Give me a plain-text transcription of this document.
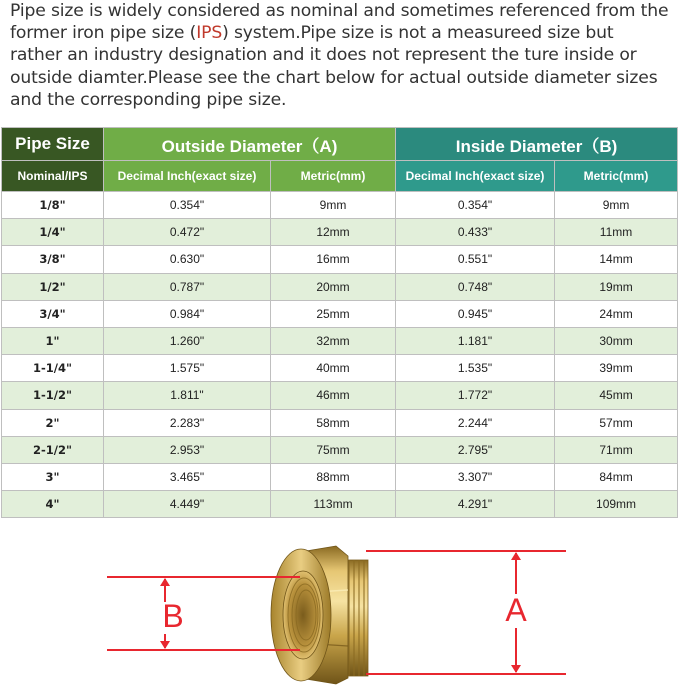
Pipe size is widely considered as nominal and sometimes referenced from the former iron pipe size (IPS) system.Pipe size is not a measureed size but rather an industry designation and it does not represent the ture inside or outside diamter.Please see the chart below for actual outside diameter sizes and the corresponding pipe size.
Pipe Size	Outside Diameter（A)		Inside Diameter（B)	
Nominal/IPS	Decimal Inch(exact size)	Metric(mm)	Decimal Inch(exact size)	Metric(mm)
1/8"	0.354"	9mm	0.354"	9mm
1/4"	0.472"	12mm	0.433"	11mm
3/8"	0.630"	16mm	0.551"	14mm
1/2"	0.787"	20mm	0.748"	19mm
3/4"	0.984"	25mm	0.945"	24mm
1"	1.260"	32mm	1.181"	30mm
1-1/4"	1.575"	40mm	1.535"	39mm
1-1/2"	1.811"	46mm	1.772"	45mm
2"	2.283"	58mm	2.244"	57mm
2-1/2"	2.953"	75mm	2.795"	71mm
3"	3.465"	88mm	3.307"	84mm
4"	4.449"	113mm	4.291"	109mm
B	A
